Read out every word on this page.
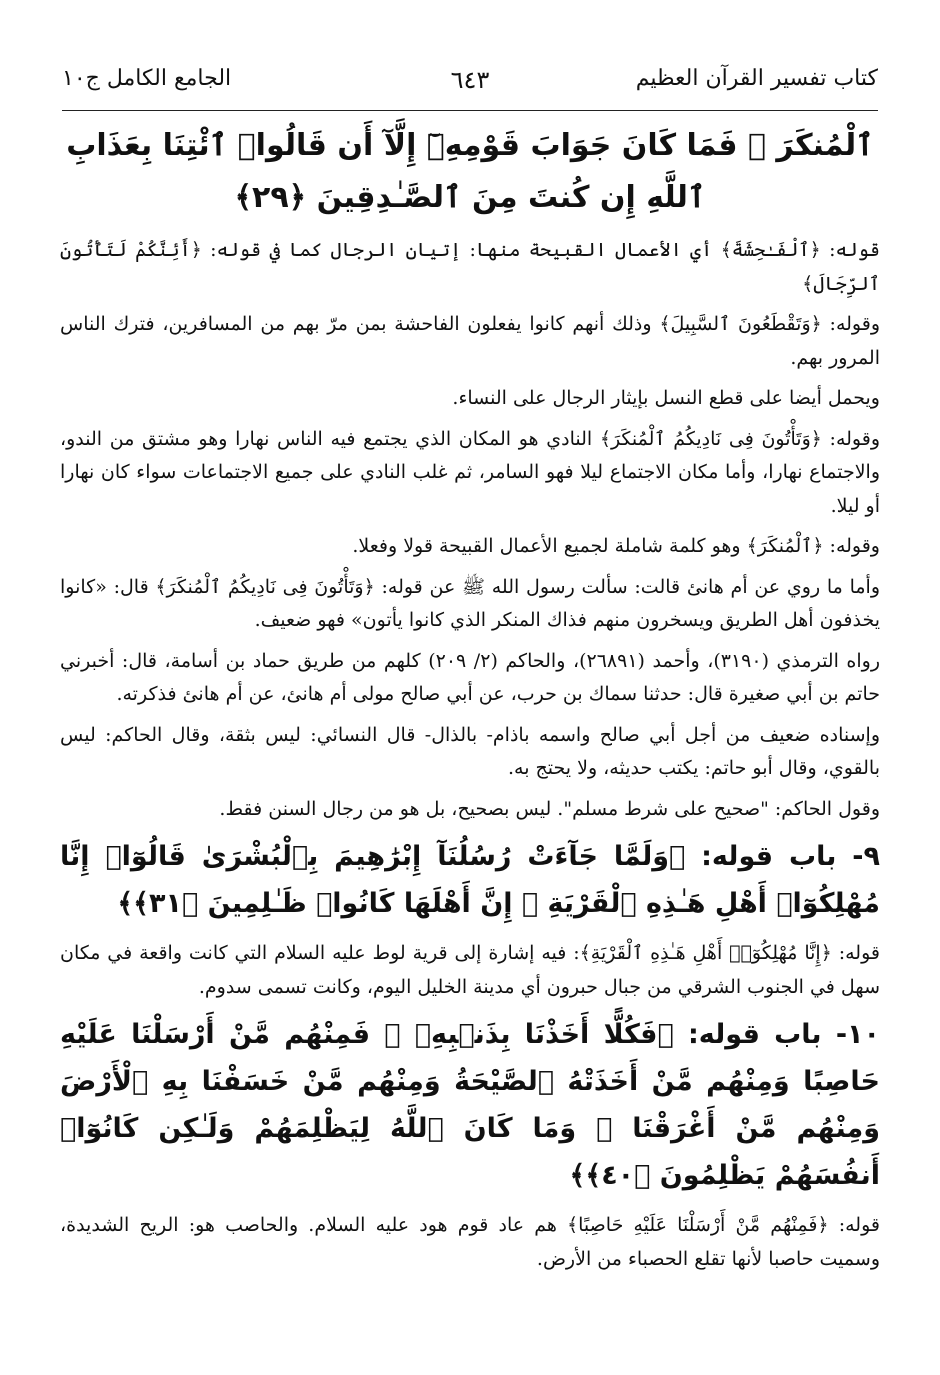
كتاب تفسير القرآن العظيم
٦٤٣
الجامع الكامل ج١٠
ٱلْمُنكَرَ ۖ فَمَا كَانَ جَوَابَ قَوْمِهِۦٓ إِلَّآ أَن قَالُوا۟ ٱئْتِنَا بِعَذَابِ ٱللَّهِ إِن كُنتَ مِنَ ٱلصَّـٰدِقِينَ ﴿٢٩﴾

قوله: ﴿ٱلْفَـٰحِشَةَ﴾ أي الأعمال القبيحة منها: إتيان الرجال كما في قوله: ﴿أَئِنَّكُمْ لَتَأْتُونَ ٱلرِّجَالَ﴾

وقوله: ﴿وَتَقْطَعُونَ ٱلسَّبِيلَ﴾ وذلك أنهم كانوا يفعلون الفاحشة بمن مرّ بهم من المسافرين، فترك الناس المرور بهم.

ويحمل أيضا على قطع النسل بإيثار الرجال على النساء.

وقوله: ﴿وَتَأْتُونَ فِى نَادِيكُمُ ٱلْمُنكَرَ﴾ النادي هو المكان الذي يجتمع فيه الناس نهارا وهو مشتق من الندو، والاجتماع نهارا، وأما مكان الاجتماع ليلا فهو السامر، ثم غلب النادي على جميع الاجتماعات سواء كان نهارا أو ليلا.

وقوله: ﴿ٱلْمُنكَرَ﴾ وهو كلمة شاملة لجميع الأعمال القبيحة قولا وفعلا.

وأما ما روي عن أم هانئ قالت: سألت رسول الله ﷺ عن قوله: ﴿وَتَأْتُونَ فِى نَادِيكُمُ ٱلْمُنكَرَ﴾ قال: «كانوا يخذفون أهل الطريق ويسخرون منهم فذاك المنكر الذي كانوا يأتون» فهو ضعيف.

رواه الترمذي (٣١٩٠)، وأحمد (٢٦٨٩١)، والحاكم (٢/ ٢٠٩) كلهم من طريق حماد بن أسامة، قال: أخبرني حاتم بن أبي صغيرة قال: حدثنا سماك بن حرب، عن أبي صالح مولى أم هانئ، عن أم هانئ فذكرته.

وإسناده ضعيف من أجل أبي صالح واسمه باذام- بالذال- قال النسائي: ليس بثقة، وقال الحاكم: ليس بالقوي، وقال أبو حاتم: يكتب حديثه، ولا يحتج به.

وقول الحاكم: "صحيح على شرط مسلم". ليس بصحيح، بل هو من رجال السنن فقط.

٩- باب قوله: ﴿وَلَمَّا جَآءَتْ رُسُلُنَآ إِبْرَٰهِيمَ بِٱلْبُشْرَىٰ قَالُوٓا۟ إِنَّا مُهْلِكُوٓا۟ أَهْلِ هَـٰذِهِ ٱلْقَرْيَةِ ۖ إِنَّ أَهْلَهَا كَانُوا۟ ظَـٰلِمِينَ ﴿٣١﴾﴾

قوله: ﴿إِنَّا مُهْلِكُوٓا۟ أَهْلِ هَـٰذِهِ ٱلْقَرْيَةِ﴾: فيه إشارة إلى قرية لوط عليه السلام التي كانت واقعة في مكان سهل في الجنوب الشرقي من جبال حبرون أي مدينة الخليل اليوم، وكانت تسمى سدوم.

١٠- باب قوله: ﴿فَكُلًّا أَخَذْنَا بِذَنۢبِهِۦ ۖ فَمِنْهُم مَّنْ أَرْسَلْنَا عَلَيْهِ حَاصِبًا وَمِنْهُم مَّنْ أَخَذَتْهُ ٱلصَّيْحَةُ وَمِنْهُم مَّنْ خَسَفْنَا بِهِ ٱلْأَرْضَ وَمِنْهُم مَّنْ أَغْرَقْنَا ۚ وَمَا كَانَ ٱللَّهُ لِيَظْلِمَهُمْ وَلَـٰكِن كَانُوٓا۟ أَنفُسَهُمْ يَظْلِمُونَ ﴿٤٠﴾﴾

قوله: ﴿فَمِنْهُم مَّنْ أَرْسَلْنَا عَلَيْهِ حَاصِبًا﴾ هم عاد قوم هود عليه السلام. والحاصب هو: الريح الشديدة، وسميت حاصبا لأنها تقلع الحصباء من الأرض.
